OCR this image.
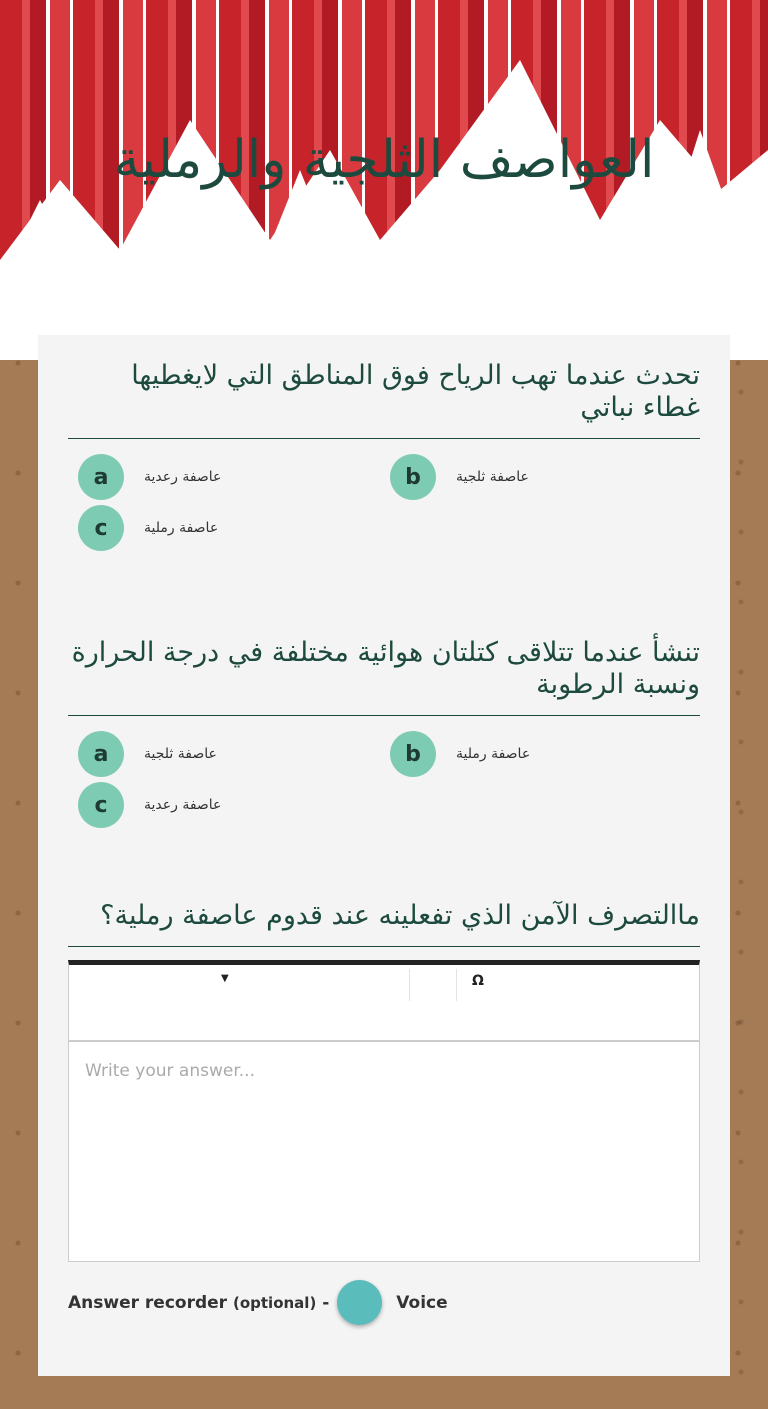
العواصف الثلجية والرملية
تحدث عندما تهب الرياح فوق المناطق التي لايغطيها غطاء نباتي
a	عاصفة رعدية	b	عاصفة ثلجية
c	عاصفة رملية
تنشأ عندما تتلاقى كتلتان هوائية مختلفة في درجة الحرارة ونسبة الرطوبة
a	عاصفة ثلجية	b	عاصفة رملية
c	عاصفة رعدية
ماالتصرف الآمن الذي تفعلينه عند قدوم عاصفة رملية؟
▼	Ω
Write your answer...
Answer recorder
(optional)
-	Voice
